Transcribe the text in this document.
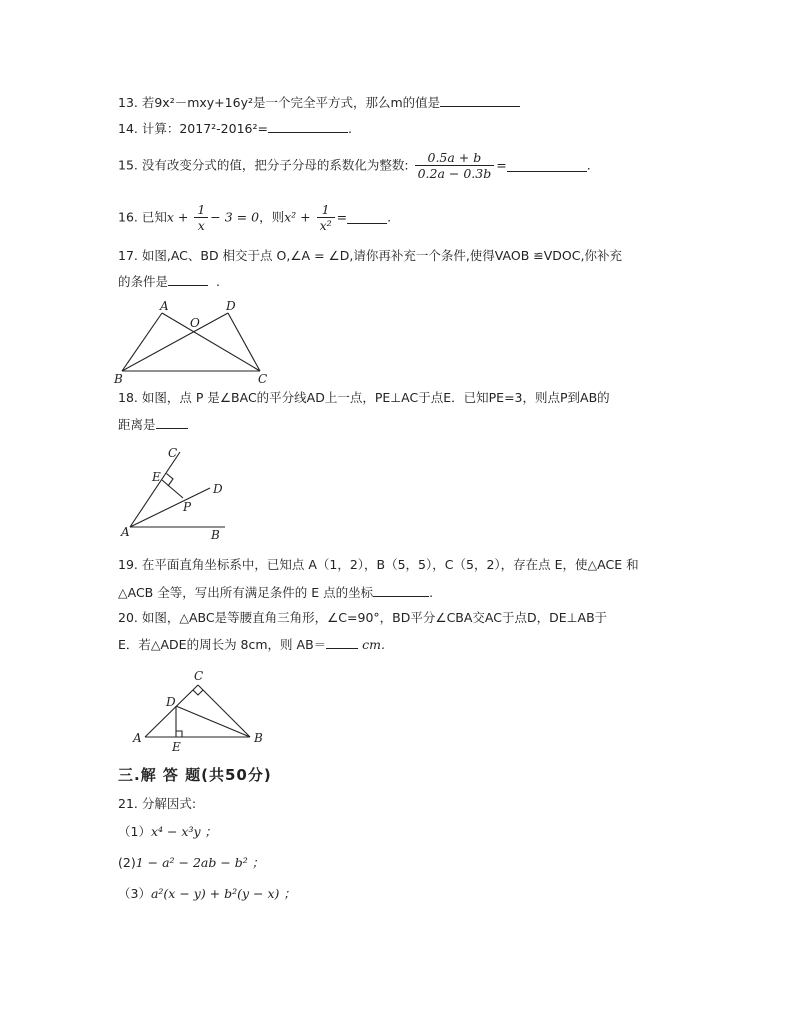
13. 若9x²－mxy+16y²是一个完全平方式，那么m的值是
14. 计算：2017²-2016²=	.
15. 没有改变分式的值，把分子分母的系数化为整数: $\frac{0.5a + b}{0.2a - 0.3b}$ =	.
16. 已知$x + \frac{1}{x} - 3 = 0$，则$x^2 + \frac{1}{\text{x²}}$ =	.
17. 如图,AC、BD 相交于点 O,∠A = ∠D,请你再补充一个条件,使得VAOB ≌VDOC,你补充
的条件是	.
A	D
O
B	C
18. 如图，点 P 是∠BAC的平分线AD上一点，PE⊥AC于点E．已知PE=3，则点P到AB的
距离是
C
E
D
P
A	B
19. 在平面直角坐标系中，已知点 A（1，2），B（5，5），C（5，2），存在点 E，使△ACE 和
△ACB 全等，写出所有满足条件的 E 点的坐标	.
20. 如图，△ABC是等腰直角三角形，∠C=90°，BD平分∠CBA交AC于点D，DE⊥AB于
E．若△ADE的周长为 8cm，则 AB＝	cm.
C
D
A
E
B
三.解 答 题(共50分)
21. 分解因式:
（1）x⁴ − x³y ；
(2)1 − a² − 2ab − b² ；
（3）a²(x − y) + b²(y − x) ；
